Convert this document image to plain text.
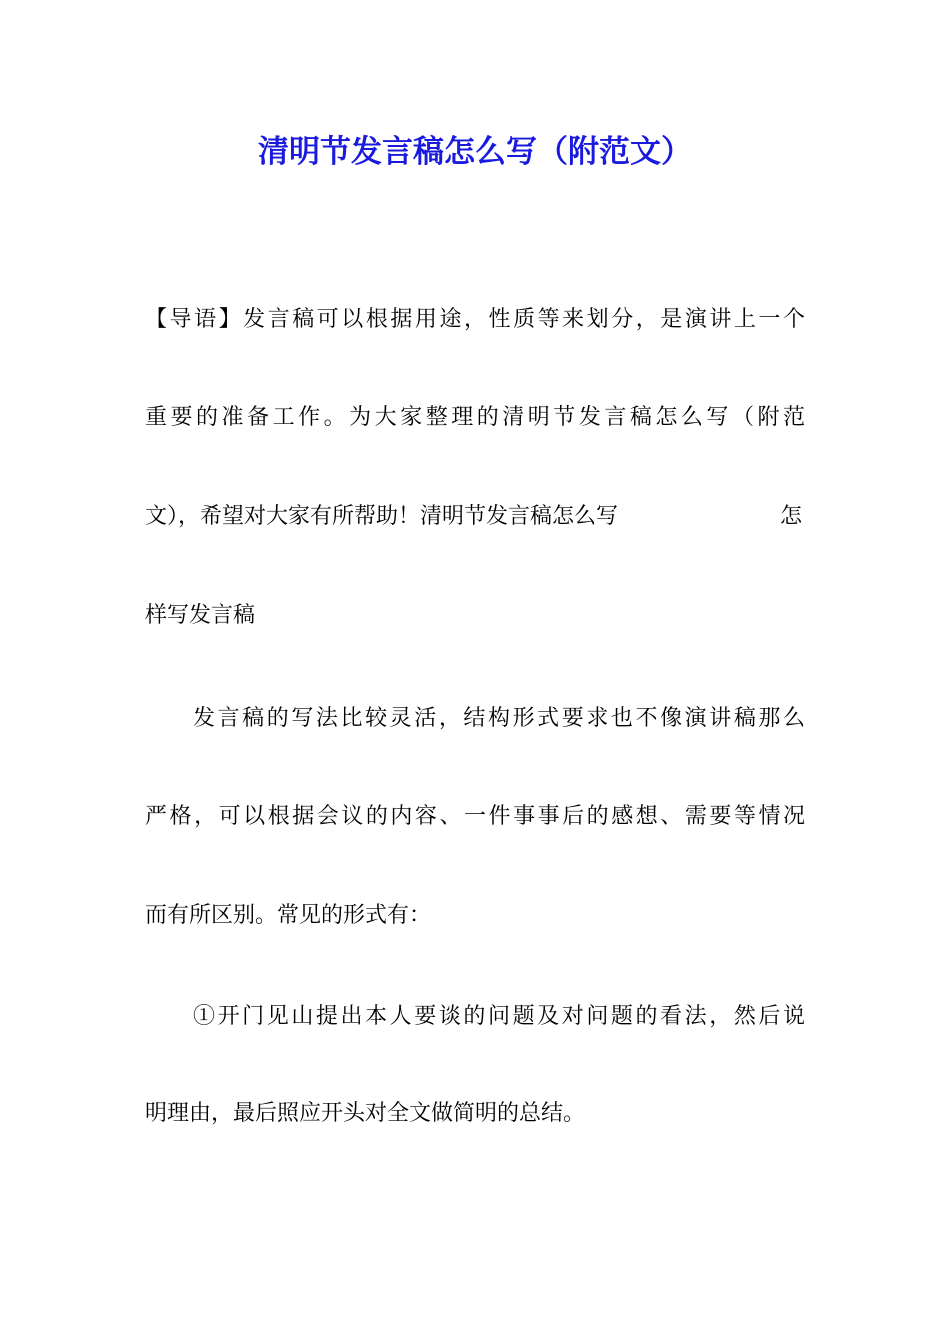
清明节发言稿怎么写（附范文）

【导语】发言稿可以根据用途，性质等来划分，是演讲上一个

重要的准备工作。为大家整理的清明节发言稿怎么写（附范

文），希望对大家有所帮助！清明节发言稿怎么写	怎

样写发言稿

发言稿的写法比较灵活，结构形式要求也不像演讲稿那么

严格，可以根据会议的内容、一件事事后的感想、需要等情况

而有所区别。常见的形式有：

①开门见山提出本人要谈的问题及对问题的看法，然后说

明理由，最后照应开头对全文做简明的总结。
